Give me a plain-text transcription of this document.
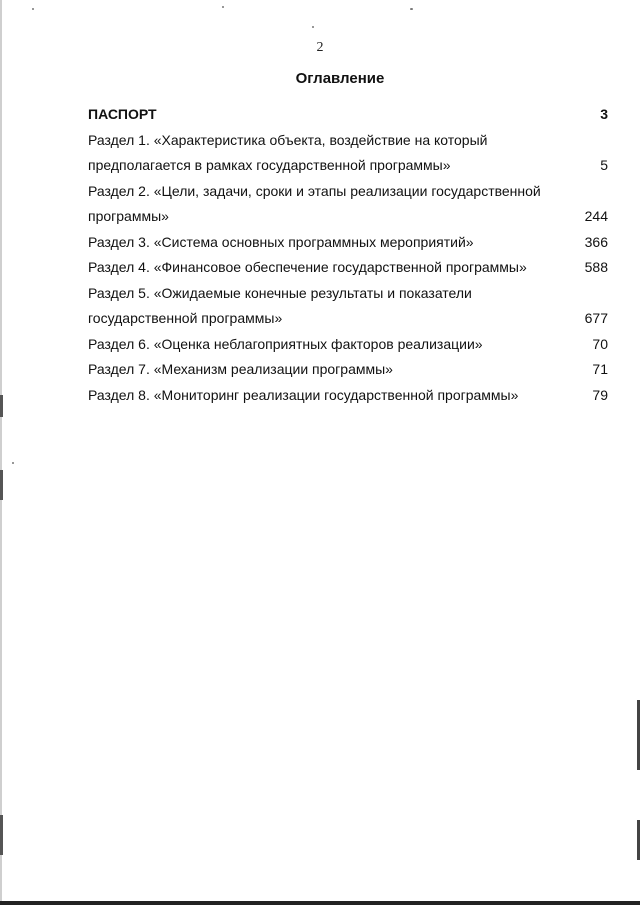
2
Оглавление
ПАСПОРТ	3
Раздел 1. «Характеристика объекта, воздействие на который
предполагается в рамках государственной программы»	5
Раздел 2. «Цели, задачи, сроки и этапы реализации государственной
программы»	244
Раздел 3. «Система основных программных мероприятий»	366
Раздел 4. «Финансовое обеспечение государственной программы»	588
Раздел 5. «Ожидаемые конечные результаты и показатели
государственной программы»	677
Раздел 6. «Оценка неблагоприятных факторов реализации»	70
Раздел 7. «Механизм реализации программы»	71
Раздел 8. «Мониторинг реализации государственной программы»	79
